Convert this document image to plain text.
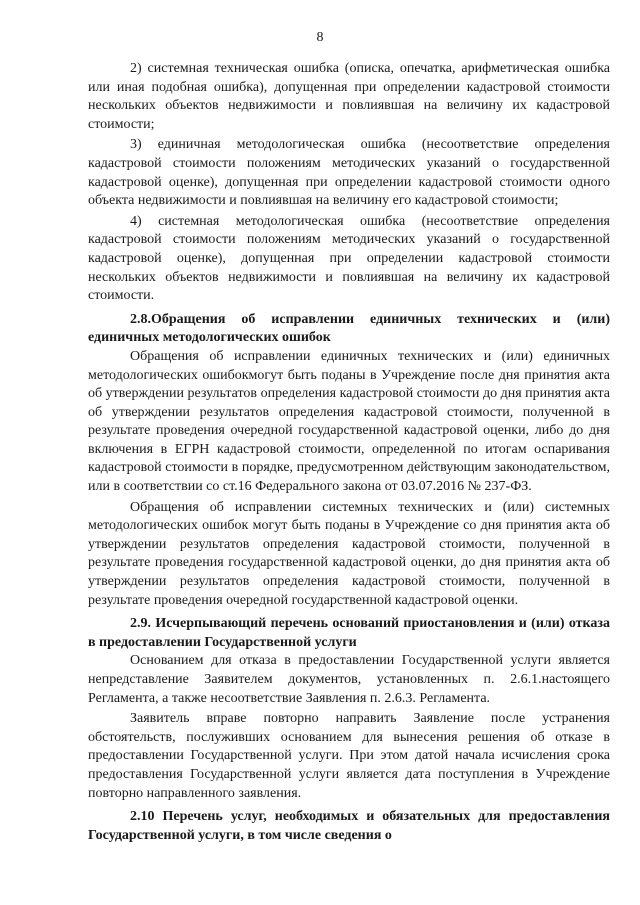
8

2) системная техническая ошибка (описка, опечатка, арифметическая ошибка или иная подобная ошибка), допущенная при определении кадастровой стоимости нескольких объектов недвижимости и повлиявшая на величину их кадастровой стоимости;

3) единичная методологическая ошибка (несоответствие определения кадастровой стоимости положениям методических указаний о государственной кадастровой оценке), допущенная при определении кадастровой стоимости одного объекта недвижимости и повлиявшая на величину его кадастровой стоимости;

4) системная методологическая ошибка (несоответствие определения кадастровой стоимости положениям методических указаний о государственной кадастровой оценке), допущенная при определении кадастровой стоимости нескольких объектов недвижимости и повлиявшая на величину их кадастровой стоимости.

2.8.Обращения об исправлении единичных технических и (или) единичных методологических ошибок

Обращения об исправлении единичных технических и (или) единичных методологических ошибокмогут быть поданы в Учреждение после дня принятия акта об утверждении результатов определения кадастровой стоимости до дня принятия акта об утверждении результатов определения кадастровой стоимости, полученной в результате проведения очередной государственной кадастровой оценки, либо до дня включения в ЕГРН кадастровой стоимости, определенной по итогам оспаривания кадастровой стоимости в порядке, предусмотренном действующим законодательством, или в соответствии со ст.16 Федерального закона от 03.07.2016 № 237-ФЗ.

Обращения об исправлении системных технических и (или) системных методологических ошибок могут быть поданы в Учреждение со дня принятия акта об утверждении результатов определения кадастровой стоимости, полученной в результате проведения государственной кадастровой оценки, до дня принятия акта об утверждении результатов определения кадастровой стоимости, полученной в результате проведения очередной государственной кадастровой оценки.

2.9. Исчерпывающий перечень оснований приостановления и (или) отказа в предоставлении Государственной услуги

Основанием для отказа в предоставлении Государственной услуги является непредставление Заявителем документов, установленных п. 2.6.1.настоящего Регламента, а также несоответствие Заявления п. 2.6.3. Регламента.

Заявитель вправе повторно направить Заявление после устранения обстоятельств, послуживших основанием для вынесения решения об отказе в предоставлении Государственной услуги. При этом датой начала исчисления срока предоставления Государственной услуги является дата поступления в Учреждение повторно направленного заявления.

2.10 Перечень услуг, необходимых и обязательных для предоставления Государственной услуги, в том числе сведения о
